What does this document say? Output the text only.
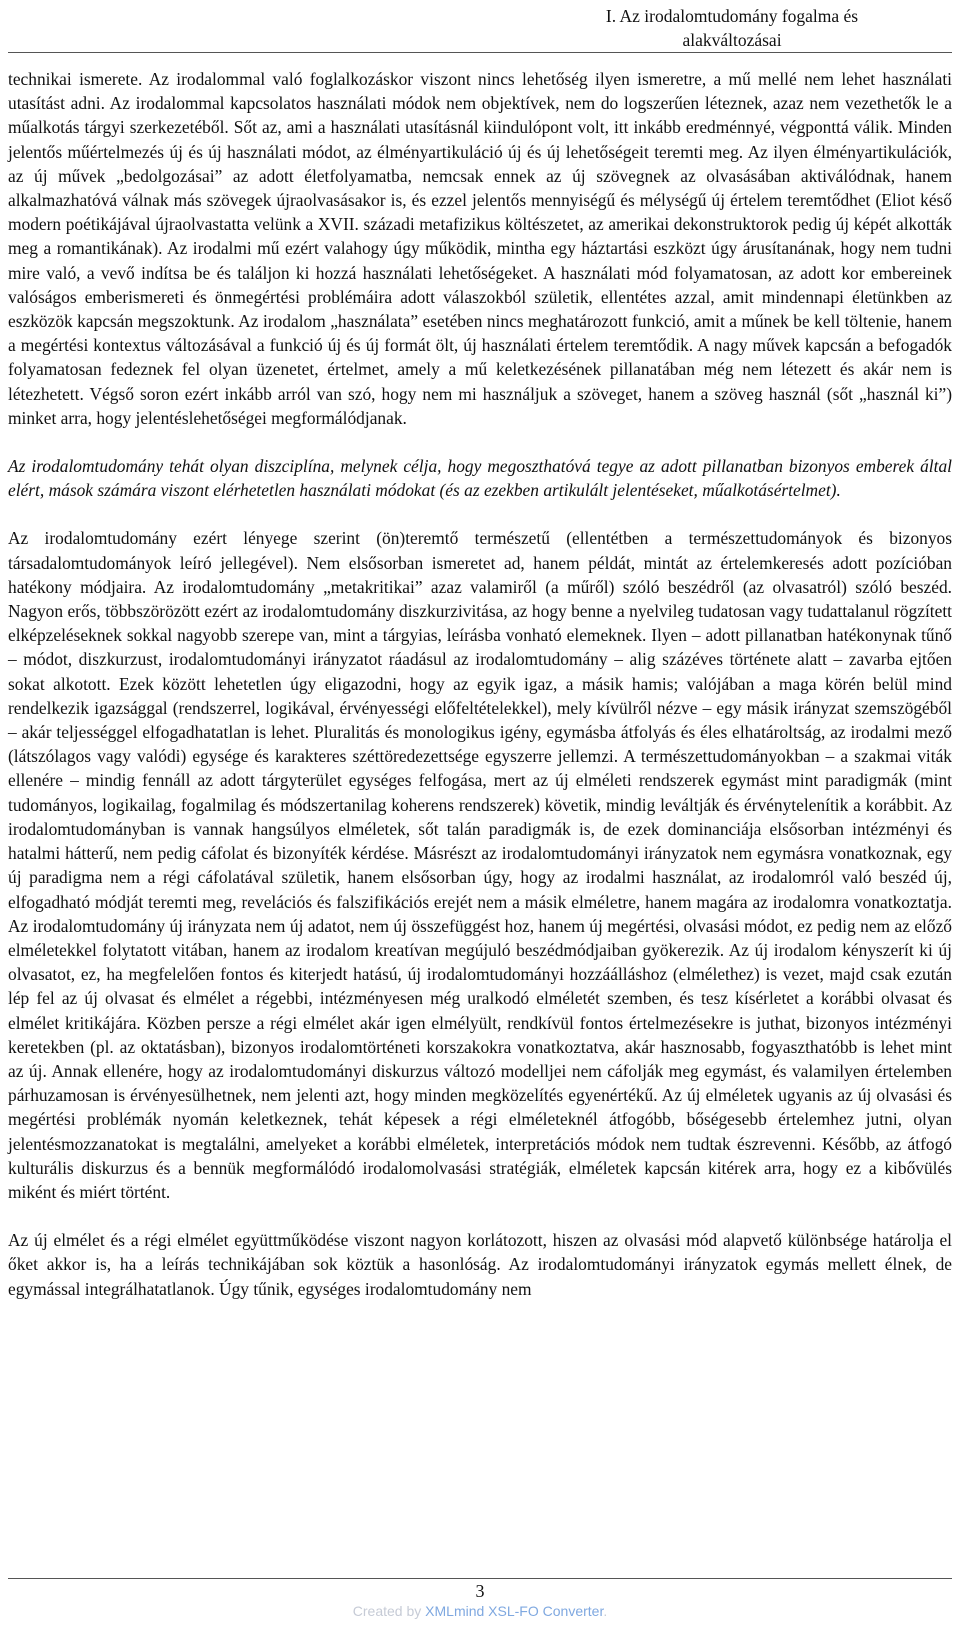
I. Az irodalomtudomány fogalma és
alakváltozásai

technikai ismerete. Az irodalommal való foglalkozáskor viszont nincs lehetőség ilyen ismeretre, a mű mellé nem lehet használati utasítást adni. Az irodalommal kapcsolatos használati módok nem objektívek, nem do logszerűen léteznek, azaz nem vezethetők le a műalkotás tárgyi szerkezetéből. Sőt az, ami a használati utasításnál kiindulópont volt, itt inkább eredménnyé, végponttá válik. Minden jelentős műértelmezés új és új használati módot, az élményartikuláció új és új lehetőségeit teremti meg. Az ilyen élményartikulációk, az új művek „bedolgozásai” az adott életfolyamatba, nemcsak ennek az új szövegnek az olvasásában aktiválódnak, hanem alkalmazhatóvá válnak más szövegek újraolvasásakor is, és ezzel jelentős mennyiségű és mélységű új értelem teremtődhet (Eliot késő modern poétikájával újraolvastatta velünk a XVII. századi metafizikus költészetet, az amerikai dekonstruktorok pedig új képét alkották meg a romantikának). Az irodalmi mű ezért valahogy úgy működik, mintha egy háztartási eszközt úgy árusítanának, hogy nem tudni mire való, a vevő indítsa be és találjon ki hozzá használati lehetőségeket. A használati mód folyamatosan, az adott kor embereinek valóságos emberismereti és önmegértési problémáira adott válaszokból születik, ellentétes azzal, amit mindennapi életünkben az eszközök kapcsán megszoktunk. Az irodalom „használata” esetében nincs meghatározott funkció, amit a műnek be kell töltenie, hanem a megértési kontextus változásával a funkció új és új formát ölt, új használati értelem teremtődik. A nagy művek kapcsán a befogadók folyamatosan fedeznek fel olyan üzenetet, értelmet, amely a mű keletkezésének pillanatában még nem létezett és akár nem is létezhetett. Végső soron ezért inkább arról van szó, hogy nem mi használjuk a szöveget, hanem a szöveg használ (sőt „használ ki”) minket arra, hogy jelentéslehetőségei megformálódjanak.

Az irodalomtudomány tehát olyan diszciplína, melynek célja, hogy megoszthatóvá tegye az adott pillanatban bizonyos emberek által elért, mások számára viszont elérhetetlen használati módokat (és az ezekben artikulált jelentéseket, műalkotásértelmet).

Az irodalomtudomány ezért lényege szerint (ön)teremtő természetű (ellentétben a természettudományok és bizonyos társadalomtudományok leíró jellegével). Nem elsősorban ismeretet ad, hanem példát, mintát az értelemkeresés adott pozícióban hatékony módjaira. Az irodalomtudomány „metakritikai” azaz valamiről (a műről) szóló beszédről (az olvasatról) szóló beszéd. Nagyon erős, többszörözött ezért az irodalomtudomány diszkurzivitása, az hogy benne a nyelvileg tudatosan vagy tudattalanul rögzített elképzeléseknek sokkal nagyobb szerepe van, mint a tárgyias, leírásba vonható elemeknek. Ilyen – adott pillanatban hatékonynak tűnő – módot, diszkurzust, irodalomtudományi irányzatot ráadásul az irodalomtudomány – alig százéves története alatt – zavarba ejtően sokat alkotott. Ezek között lehetetlen úgy eligazodni, hogy az egyik igaz, a másik hamis; valójában a maga körén belül mind rendelkezik igazsággal (rendszerrel, logikával, érvényességi előfeltételekkel), mely kívülről nézve – egy másik irányzat szemszögéből – akár teljességgel elfogadhatatlan is lehet. Pluralitás és monologikus igény, egymásba átfolyás és éles elhatároltság, az irodalmi mező (látszólagos vagy valódi) egysége és karakteres széttöredezettsége egyszerre jellemzi. A természettudományokban – a szakmai viták ellenére – mindig fennáll az adott tárgyterület egységes felfogása, mert az új elméleti rendszerek egymást mint paradigmák (mint tudományos, logikailag, fogalmilag és módszertanilag koherens rendszerek) követik, mindig leváltják és érvénytelenítik a korábbit. Az irodalomtudományban is vannak hangsúlyos elméletek, sőt talán paradigmák is, de ezek dominanciája elsősorban intézményi és hatalmi hátterű, nem pedig cáfolat és bizonyíték kérdése. Másrészt az irodalomtudományi irányzatok nem egymásra vonatkoznak, egy új paradigma nem a régi cáfolatával születik, hanem elsősorban úgy, hogy az irodalmi használat, az irodalomról való beszéd új, elfogadható módját teremti meg, revelációs és falszifikációs erejét nem a másik elméletre, hanem magára az irodalomra vonatkoztatja. Az irodalomtudomány új irányzata nem új adatot, nem új összefüggést hoz, hanem új megértési, olvasási módot, ez pedig nem az előző elméletekkel folytatott vitában, hanem az irodalom kreatívan megújuló beszédmódjaiban gyökerezik. Az új irodalom kényszerít ki új olvasatot, ez, ha megfelelően fontos és kiterjedt hatású, új irodalomtudományi hozzáálláshoz (elmélethez) is vezet, majd csak ezután lép fel az új olvasat és elmélet a régebbi, intézményesen még uralkodó elméletét szemben, és tesz kísérletet a korábbi olvasat és elmélet kritikájára. Közben persze a régi elmélet akár igen elmélyült, rendkívül fontos értelmezésekre is juthat, bizonyos intézményi keretekben (pl. az oktatásban), bizonyos irodalomtörténeti korszakokra vonatkoztatva, akár hasznosabb, fogyaszthatóbb is lehet mint az új. Annak ellenére, hogy az irodalomtudományi diskurzus változó modelljei nem cáfolják meg egymást, és valamilyen értelemben párhuzamosan is érvényesülhetnek, nem jelenti azt, hogy minden megközelítés egyenértékű. Az új elméletek ugyanis az új olvasási és megértési problémák nyomán keletkeznek, tehát képesek a régi elméleteknél átfogóbb, bőségesebb értelemhez jutni, olyan jelentésmozzanatokat is megtalálni, amelyeket a korábbi elméletek, interpretációs módok nem tudtak észrevenni. Később, az átfogó kulturális diskurzus és a bennük megformálódó irodalomolvasási stratégiák, elméletek kapcsán kitérek arra, hogy ez a kibővülés miként és miért történt.

Az új elmélet és a régi elmélet együttműködése viszont nagyon korlátozott, hiszen az olvasási mód alapvető különbsége határolja el őket akkor is, ha a leírás technikájában sok köztük a hasonlóság. Az irodalomtudományi irányzatok egymás mellett élnek, de egymással integrálhatatlanok. Úgy tűnik, egységes irodalomtudomány nem

3
Created by XMLmind XSL-FO Converter.
